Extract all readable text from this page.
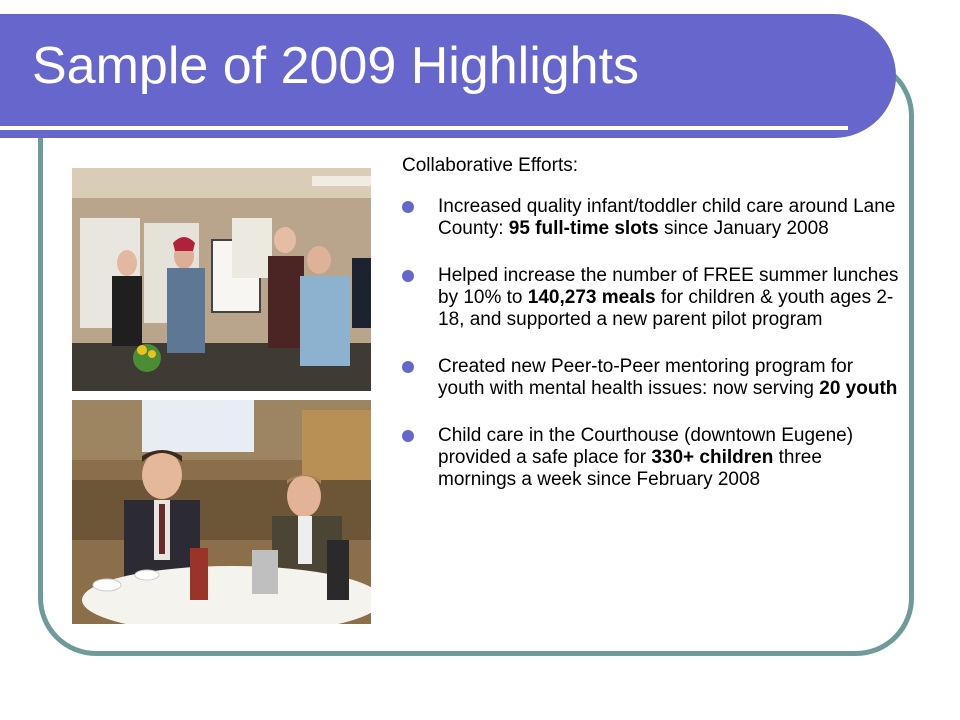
Sample of 2009 Highlights

Collaborative Efforts:

Increased quality infant/toddler child care around Lane County: 95 full-time slots since January 2008
Helped increase the number of FREE summer lunches by 10% to 140,273 meals for children & youth ages 2-18, and supported a new parent pilot program
Created new Peer-to-Peer mentoring program for youth with mental health issues: now serving 20 youth
Child care in the Courthouse (downtown Eugene) provided a safe place for 330+ children three mornings a week since February 2008
